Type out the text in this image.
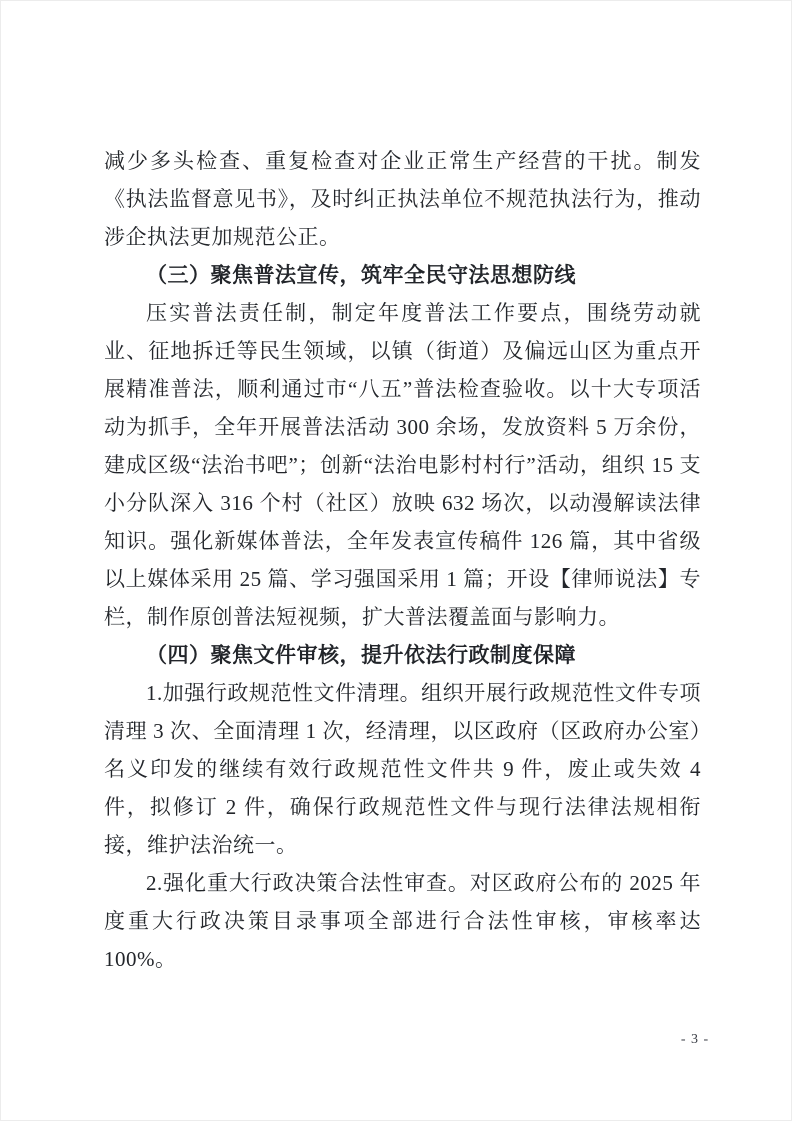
减少多头检查、重复检查对企业正常生产经营的干扰。制发《执法监督意见书》，及时纠正执法单位不规范执法行为，推动涉企执法更加规范公正。

（三）聚焦普法宣传，筑牢全民守法思想防线

压实普法责任制，制定年度普法工作要点，围绕劳动就业、征地拆迁等民生领域，以镇（街道）及偏远山区为重点开展精准普法，顺利通过市“八五”普法检查验收。以十大专项活动为抓手，全年开展普法活动 300 余场，发放资料 5 万余份，建成区级“法治书吧”；创新“法治电影村村行”活动，组织 15 支小分队深入 316 个村（社区）放映 632 场次，以动漫解读法律知识。强化新媒体普法，全年发表宣传稿件 126 篇，其中省级以上媒体采用 25 篇、学习强国采用 1 篇；开设【律师说法】专栏，制作原创普法短视频，扩大普法覆盖面与影响力。

（四）聚焦文件审核，提升依法行政制度保障

1.加强行政规范性文件清理。组织开展行政规范性文件专项清理 3 次、全面清理 1 次，经清理，以区政府（区政府办公室）名义印发的继续有效行政规范性文件共 9 件，废止或失效 4 件，拟修订 2 件，确保行政规范性文件与现行法律法规相衔接，维护法治统一。

2.强化重大行政决策合法性审查。对区政府公布的 2025 年度重大行政决策目录事项全部进行合法性审核，审核率达 100%。

- 3 -
